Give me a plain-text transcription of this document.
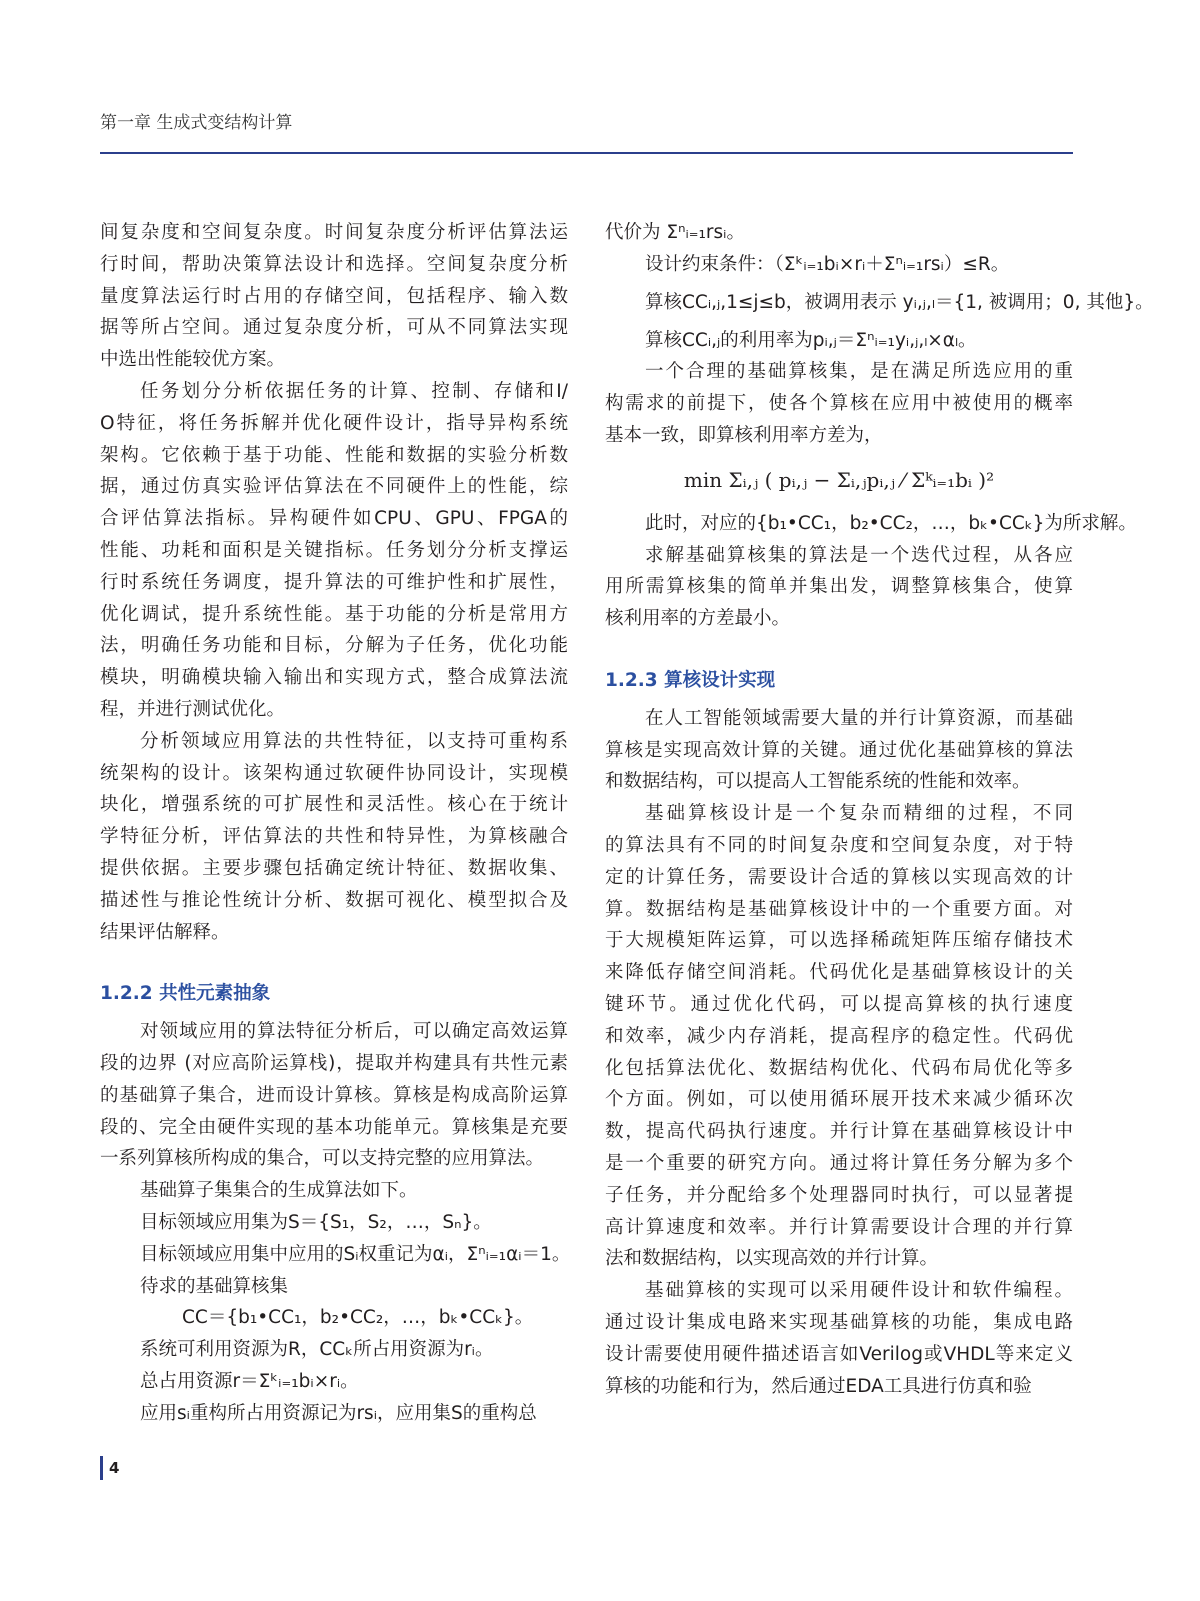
第一章 生成式变结构计算
间复杂度和空间复杂度。时间复杂度分析评估算法运
行时间，帮助决策算法设计和选择。空间复杂度分析
量度算法运行时占用的存储空间，包括程序、输入数
据等所占空间。通过复杂度分析，可从不同算法实现
中选出性能较优方案。
任务划分分析依据任务的计算、控制、存储和I/
O特征，将任务拆解并优化硬件设计，指导异构系统
架构。它依赖于基于功能、性能和数据的实验分析数
据，通过仿真实验评估算法在不同硬件上的性能，综
合评估算法指标。异构硬件如CPU、GPU、FPGA的
性能、功耗和面积是关键指标。任务划分分析支撑运
行时系统任务调度，提升算法的可维护性和扩展性，
优化调试，提升系统性能。基于功能的分析是常用方
法，明确任务功能和目标，分解为子任务，优化功能
模块，明确模块输入输出和实现方式，整合成算法流
程，并进行测试优化。
分析领域应用算法的共性特征，以支持可重构系
统架构的设计。该架构通过软硬件协同设计，实现模
块化，增强系统的可扩展性和灵活性。核心在于统计
学特征分析，评估算法的共性和特异性，为算核融合
提供依据。主要步骤包括确定统计特征、数据收集、
描述性与推论性统计分析、数据可视化、模型拟合及
结果评估解释。
1.2.2 共性元素抽象
对领域应用的算法特征分析后，可以确定高效运算
段的边界 (对应高阶运算栈)，提取并构建具有共性元素
的基础算子集合，进而设计算核。算核是构成高阶运算
段的、完全由硬件实现的基本功能单元。算核集是充要
一系列算核所构成的集合，可以支持完整的应用算法。
基础算子集集合的生成算法如下。
目标领域应用集为S＝{S₁，S₂，…，Sₙ}。
目标领域应用集中应用的Sᵢ权重记为αᵢ，Σⁿᵢ₌₁αᵢ＝1。
待求的基础算核集
CC＝{b₁•CC₁，b₂•CC₂，…，bₖ•CCₖ}。
系统可利用资源为R，CCₖ所占用资源为rᵢ。
总占用资源r＝Σᵏᵢ₌₁bᵢ×rᵢ。
应用sᵢ重构所占用资源记为rsᵢ，应用集S的重构总
代价为 Σⁿᵢ₌₁rsᵢ。
设计约束条件：（Σᵏᵢ₌₁bᵢ×rᵢ＋Σⁿᵢ₌₁rsᵢ）≤R。
算核CCᵢ,ⱼ,1≤j≤b，被调用表示 yᵢ,ⱼ,ₗ＝{1, 被调用；0, 其他}。
算核CCᵢ,ⱼ的利用率为pᵢ,ⱼ＝Σⁿᵢ₌₁yᵢ,ⱼ,ₗ×αₗ。
一个合理的基础算核集，是在满足所选应用的重
构需求的前提下，使各个算核在应用中被使用的概率
基本一致，即算核利用率方差为，
min Σᵢ,ⱼ ( pᵢ,ⱼ − Σᵢ,ⱼpᵢ,ⱼ ⁄ Σᵏᵢ₌₁bᵢ )²
此时，对应的{b₁•CC₁，b₂•CC₂，…，bₖ•CCₖ}为所求解。
求解基础算核集的算法是一个迭代过程，从各应
用所需算核集的简单并集出发，调整算核集合，使算
核利用率的方差最小。
1.2.3 算核设计实现
在人工智能领域需要大量的并行计算资源，而基础
算核是实现高效计算的关键。通过优化基础算核的算法
和数据结构，可以提高人工智能系统的性能和效率。
基础算核设计是一个复杂而精细的过程，不同
的算法具有不同的时间复杂度和空间复杂度，对于特
定的计算任务，需要设计合适的算核以实现高效的计
算。数据结构是基础算核设计中的一个重要方面。对
于大规模矩阵运算，可以选择稀疏矩阵压缩存储技术
来降低存储空间消耗。代码优化是基础算核设计的关
键环节。通过优化代码，可以提高算核的执行速度
和效率，减少内存消耗，提高程序的稳定性。代码优
化包括算法优化、数据结构优化、代码布局优化等多
个方面。例如，可以使用循环展开技术来减少循环次
数，提高代码执行速度。并行计算在基础算核设计中
是一个重要的研究方向。通过将计算任务分解为多个
子任务，并分配给多个处理器同时执行，可以显著提
高计算速度和效率。并行计算需要设计合理的并行算
法和数据结构，以实现高效的并行计算。
基础算核的实现可以采用硬件设计和软件编程。
通过设计集成电路来实现基础算核的功能，集成电路
设计需要使用硬件描述语言如Verilog或VHDL等来定义
算核的功能和行为，然后通过EDA工具进行仿真和验
4
